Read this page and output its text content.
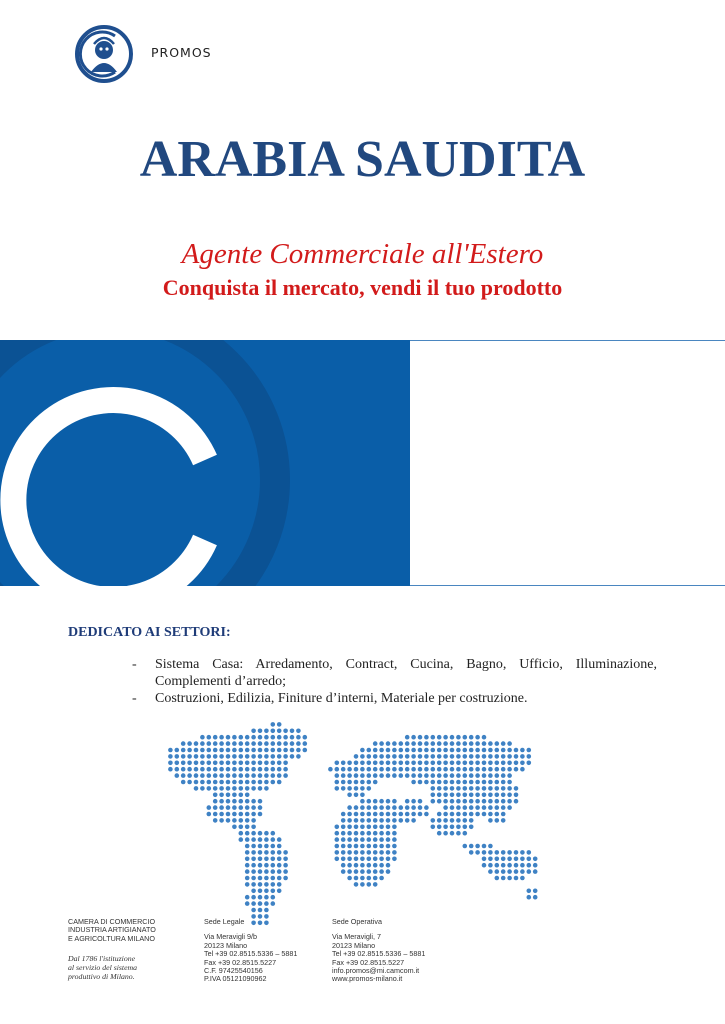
PROMOS
ARABIA SAUDITA
Agente Commerciale all'Estero
Conquista il mercato, vendi il tuo prodotto
DEDICATO AI SETTORI:
- Sistema Casa: Arredamento, Contract, Cucina, Bagno, Ufficio, Illuminazione, Complementi d’arredo;
- Costruzioni, Edilizia, Finiture d’interni, Materiale per costruzione.
CAMERA DI COMMERCIO
INDUSTRIA ARTIGIANATO
E AGRICOLTURA MILANO
Dal 1786 l'istituzione
al servizio del sistema
produttivo di Milano.
Sede Legale
Via Meravigli 9/b
20123 Milano
Tel +39 02.8515.5336 – 5881
Fax +39 02.8515.5227
C.F. 97425540156
P.IVA 05121090962
Sede Operativa
Via Meravigli, 7
20123 Milano
Tel +39 02.8515.5336 – 5881
Fax +39 02.8515.5227
info.promos@mi.camcom.it
www.promos-milano.it
